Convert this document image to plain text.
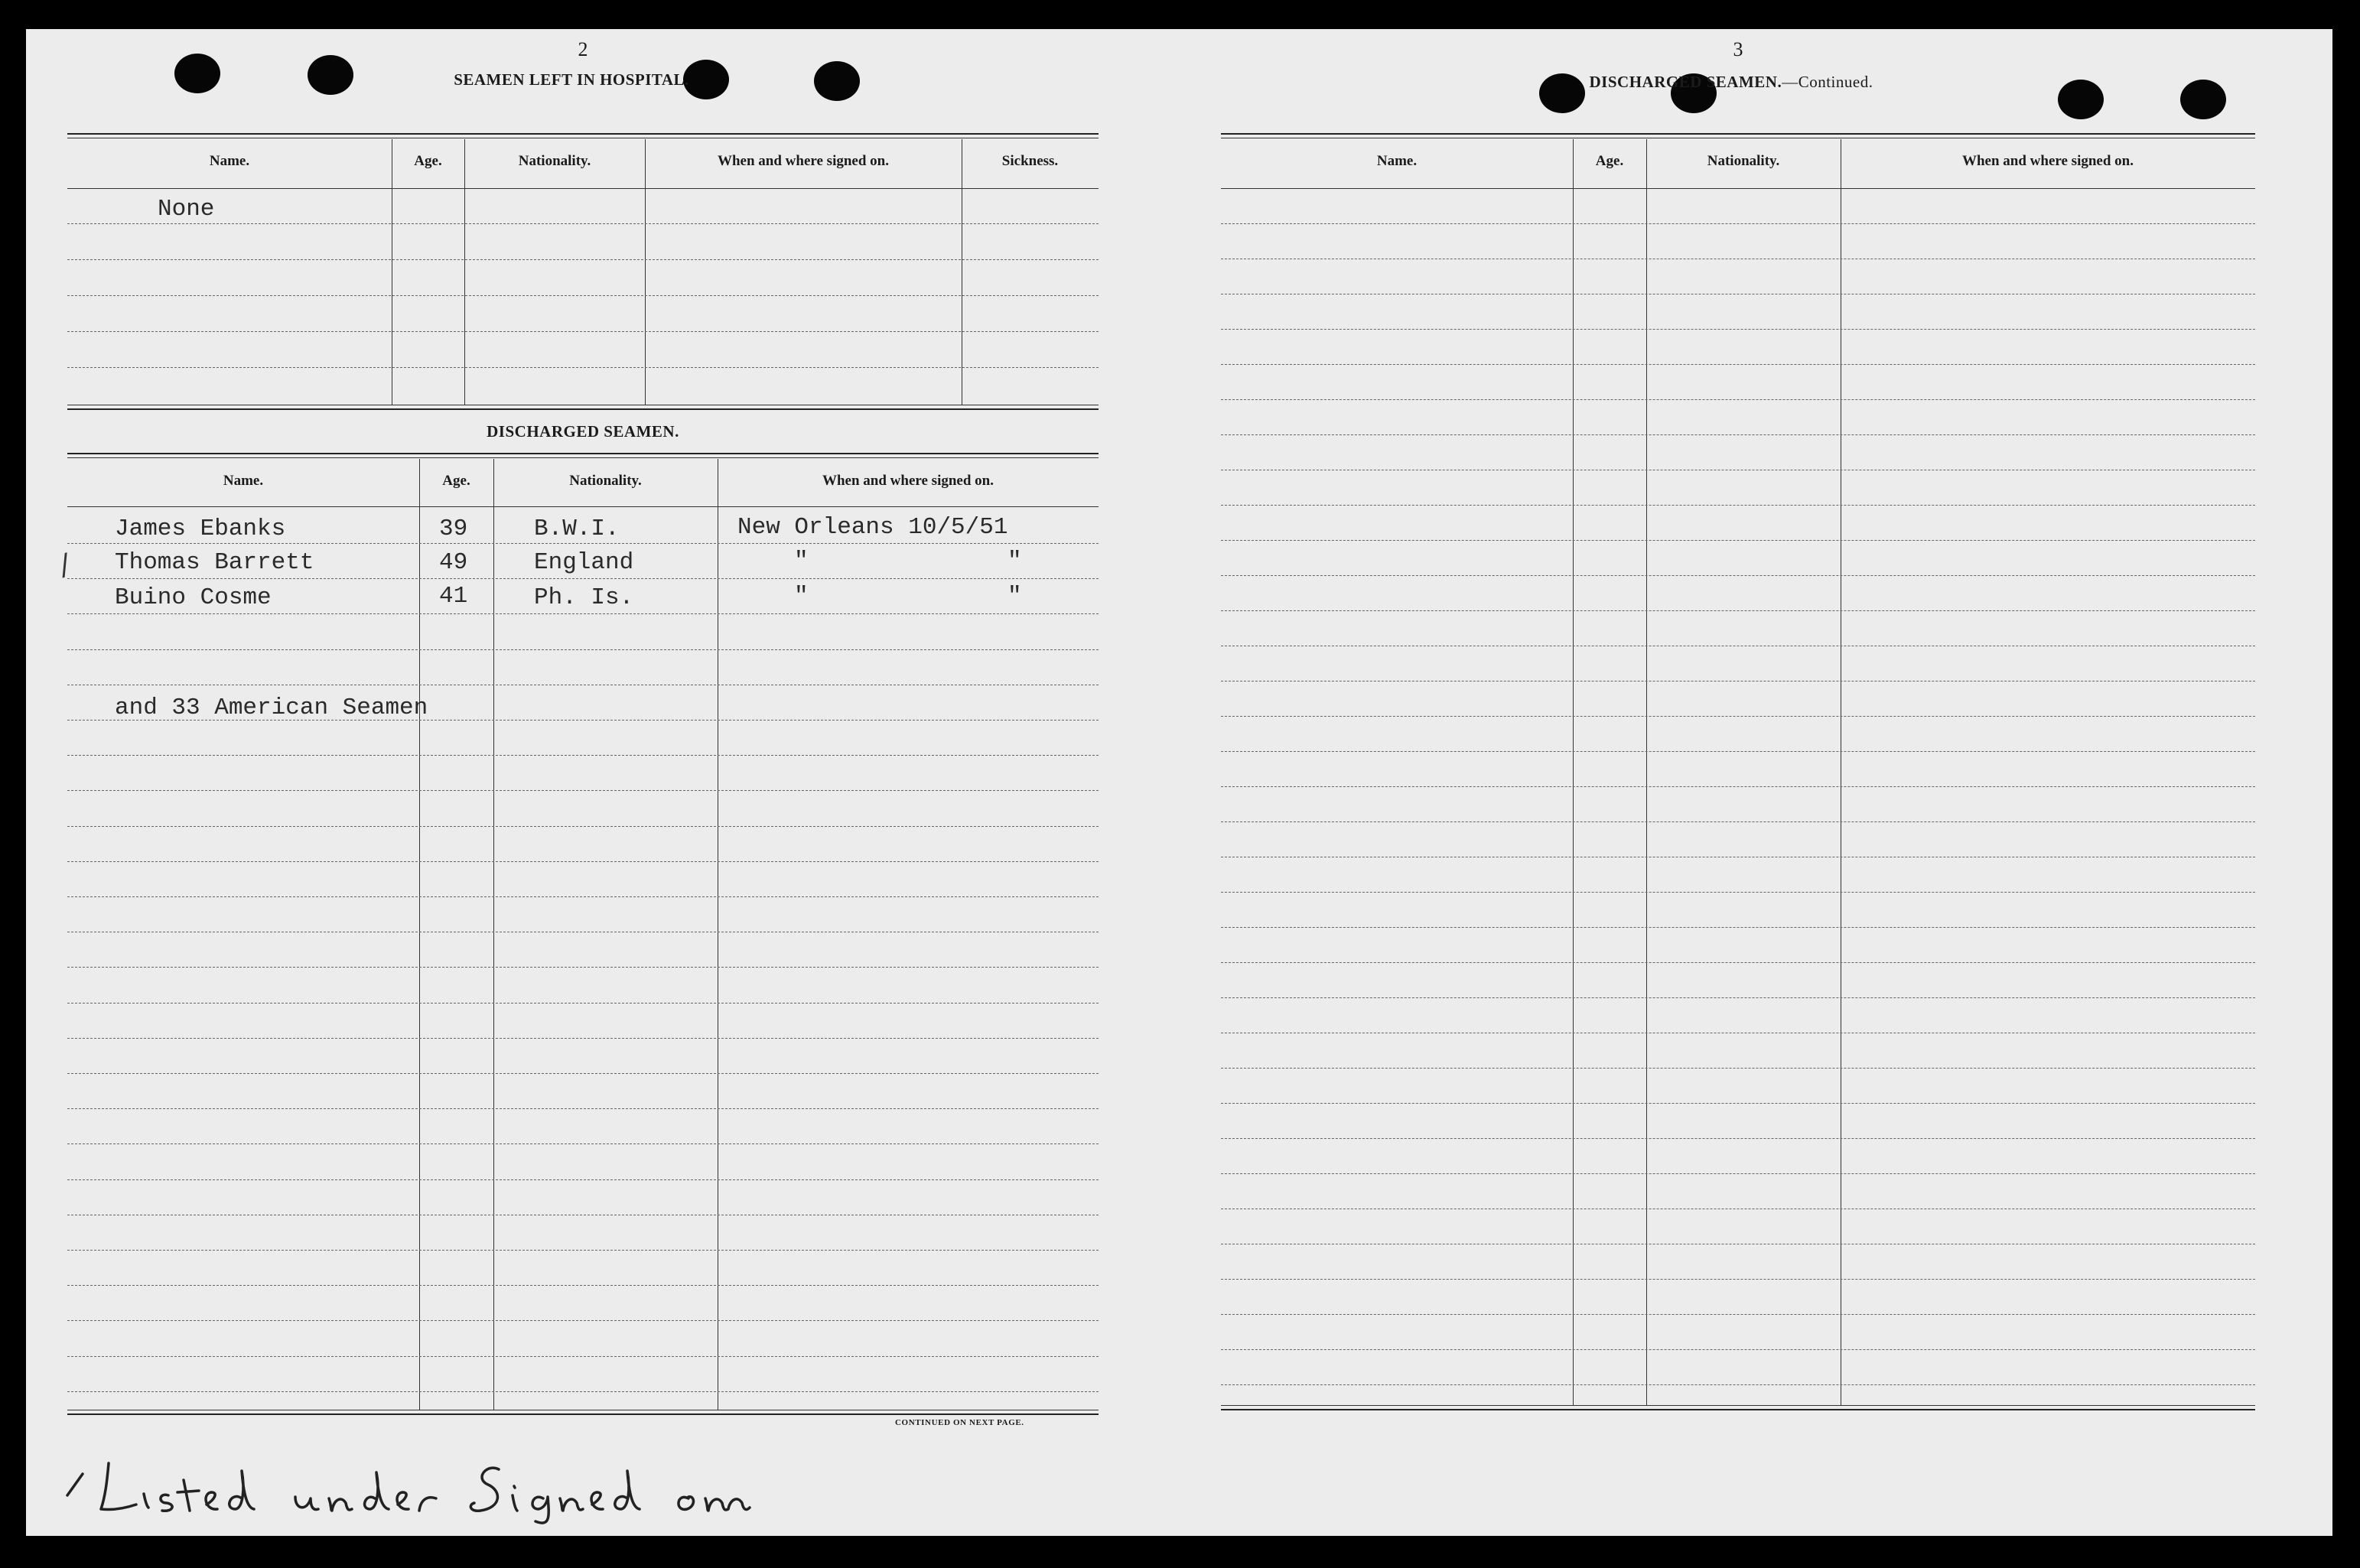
2
SEAMEN LEFT IN HOSPITAL.
Name.	Age.	Nationality.	When and where signed on.	Sickness.
None
DISCHARGED SEAMEN.
Name.	Age.	Nationality.	When and where signed on.
James Ebanks	39	B.W.I.	New Orleans 10/5/51
Thomas Barrett	49	England	"              "
Buino Cosme	41	Ph. Is.	"              "
/
and 33 American Seamen
CONTINUED ON NEXT PAGE.
3
DISCHARGED SEAMEN.—Continued.
Name.	Age.	Nationality.	When and where signed on.
